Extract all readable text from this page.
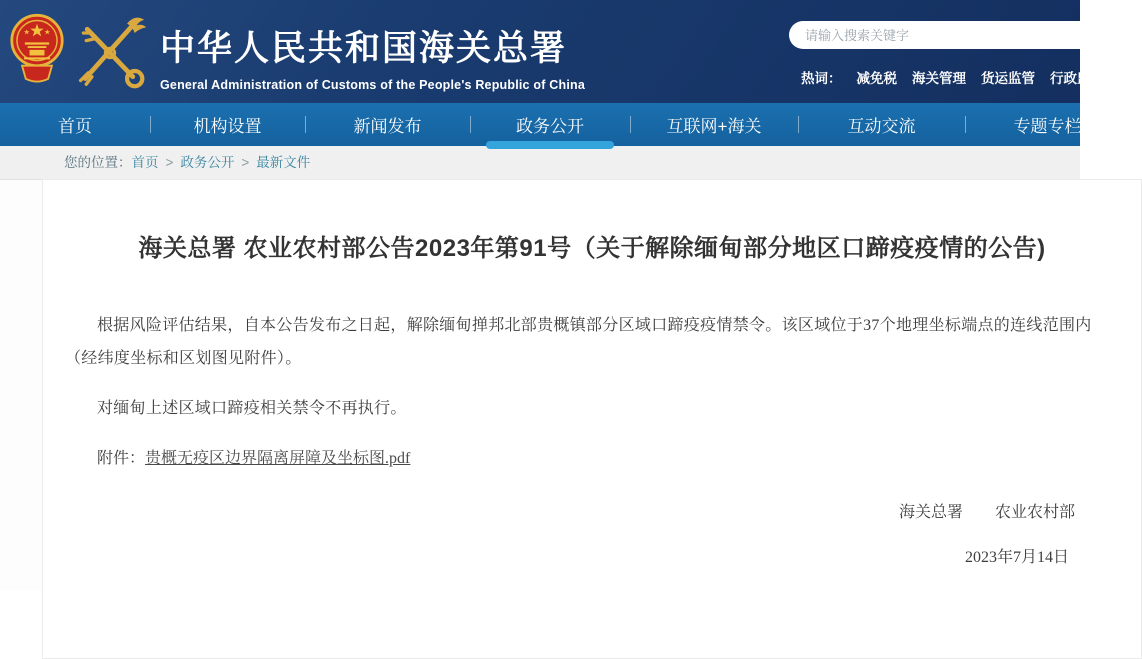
中华人民共和国海关总署
General Administration of Customs of the People's Republic of China
请输入搜索关键字	热词： 减免税 海关管理 货运监管 行政监管
首页	机构设置	新闻发布	政务公开	互联网+海关	互动交流	专题专栏
您的位置：首页 > 政务公开 > 最新文件
海关总署 农业农村部公告2023年第91号（关于解除缅甸部分地区口蹄疫疫情的公告)

根据风险评估结果，自本公告发布之日起，解除缅甸掸邦北部贵概镇部分区域口蹄疫疫情禁令。该区域位于37个地理坐标端点的连线范围内（经纬度坐标和区划图见附件）。

对缅甸上述区域口蹄疫相关禁令不再执行。

附件：贵概无疫区边界隔离屏障及坐标图.pdf

海关总署　　农业农村部
2023年7月14日
